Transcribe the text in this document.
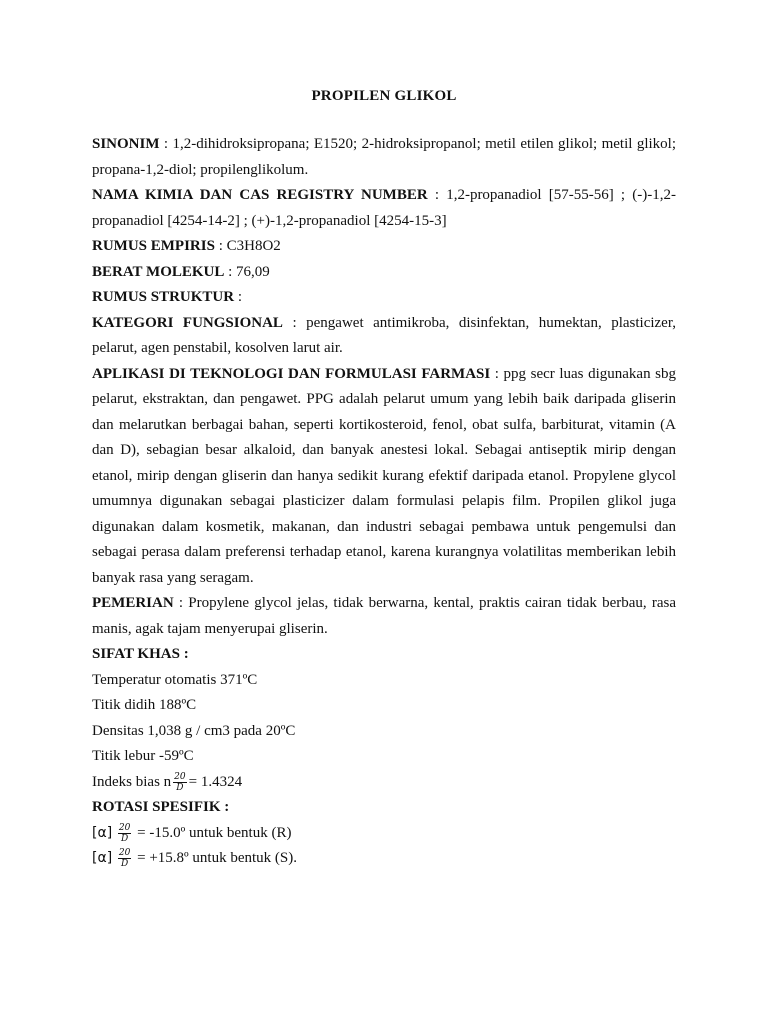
PROPILEN GLIKOL

SINONIM : 1,2-dihidroksipropana; E1520; 2-hidroksipropanol; metil etilen glikol; metil glikol; propana-1,2-diol; propilenglikolum.

NAMA KIMIA DAN CAS REGISTRY NUMBER : 1,2-propanadiol [57-55-56] ; (-)-1,2-propanadiol [4254-14-2] ; (+)-1,2-propanadiol [4254-15-3]

RUMUS EMPIRIS : C3H8O2

BERAT MOLEKUL : 76,09

RUMUS STRUKTUR :

KATEGORI FUNGSIONAL : pengawet antimikroba, disinfektan, humektan, plasticizer, pelarut, agen penstabil, kosolven larut air.

APLIKASI DI TEKNOLOGI DAN FORMULASI FARMASI : ppg secr luas digunakan sbg pelarut, ekstraktan, dan pengawet. PPG adalah pelarut umum yang lebih baik daripada gliserin dan melarutkan berbagai bahan, seperti kortikosteroid, fenol, obat sulfa, barbiturat, vitamin (A dan D), sebagian besar alkaloid, dan banyak anestesi lokal. Sebagai antiseptik mirip dengan etanol, mirip dengan gliserin dan hanya sedikit kurang efektif daripada etanol. Propylene glycol umumnya digunakan sebagai plasticizer dalam formulasi pelapis film. Propilen glikol juga digunakan dalam kosmetik, makanan, dan industri sebagai pembawa untuk pengemulsi dan sebagai perasa dalam preferensi terhadap etanol, karena kurangnya volatilitas memberikan lebih banyak rasa yang seragam.

PEMERIAN : Propylene glycol jelas, tidak berwarna, kental, praktis cairan tidak berbau, rasa manis, agak tajam menyerupai gliserin.

SIFAT KHAS :

Temperatur otomatis 371ºC

Titik didih 188ºC

Densitas 1,038 g / cm3 pada 20ºC

Titik lebur -59ºC

Indeks bias n $\frac{20}{D} = 1.4324$

ROTASI SPESIFIK :

$[\alpha] \frac{20}{D}$ = -15.0º untuk bentuk (R)

$[\alpha] \frac{20}{D}$ = +15.8º untuk bentuk (S).
